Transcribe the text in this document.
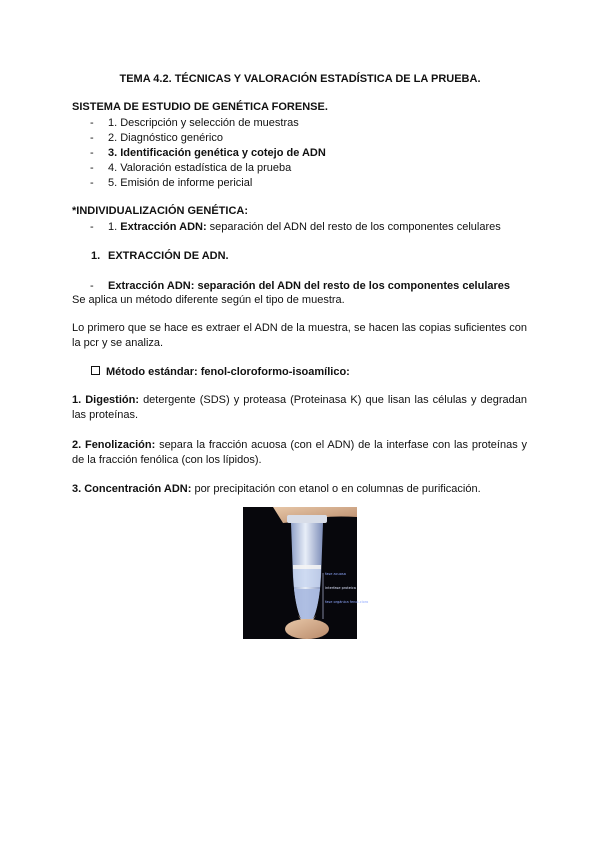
TEMA 4.2. TÉCNICAS Y VALORACIÓN ESTADÍSTICA DE LA PRUEBA.
SISTEMA DE ESTUDIO DE GENÉTICA FORENSE.
- 1. Descripción y selección de muestras
- 2. Diagnóstico genérico
- 3. Identificación genética y cotejo de ADN
- 4. Valoración estadística de la prueba
- 5. Emisión de informe pericial
*INDIVIDUALIZACIÓN GENÉTICA:
- 1. Extracción ADN: separación del ADN del resto de los componentes celulares
1. EXTRACCIÓN DE ADN.
- Extracción ADN: separación del ADN del resto de los componentes celulares
Se aplica un método diferente según el tipo de muestra.
Lo primero que se hace es extraer el ADN de la muestra, se hacen las copias suficientes con la pcr y se analiza.
Método estándar: fenol-cloroformo-isoamílico:
1. Digestión: detergente (SDS) y proteasa (Proteinasa K) que lisan las células y degradan las proteínas.
2. Fenolización: separa la fracción acuosa (con el ADN) de la interfase con las proteínas y de la fracción fenólica (con los lípidos).
3. Concentración ADN: por precipitación con etanol o en columnas de purificación.
fase acuosa
interfase proteica
fase orgánica fenol-cloro
